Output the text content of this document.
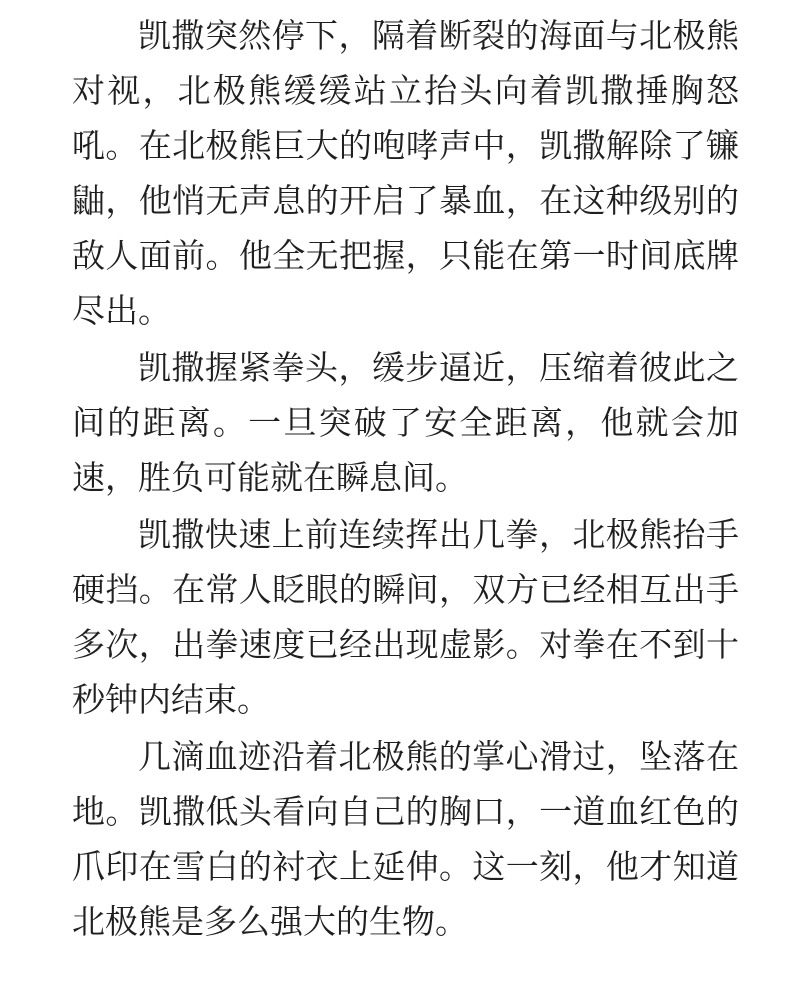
凯撒突然停下，隔着断裂的海面与北极熊对视，北极熊缓缓站立抬头向着凯撒捶胸怒吼。在北极熊巨大的咆哮声中，凯撒解除了镰鼬，他悄无声息的开启了暴血，在这种级别的敌人面前。他全无把握，只能在第一时间底牌尽出。

凯撒握紧拳头，缓步逼近，压缩着彼此之间的距离。一旦突破了安全距离，他就会加速，胜负可能就在瞬息间。

凯撒快速上前连续挥出几拳，北极熊抬手硬挡。在常人眨眼的瞬间，双方已经相互出手多次，出拳速度已经出现虚影。对拳在不到十秒钟内结束。

几滴血迹沿着北极熊的掌心滑过，坠落在地。凯撒低头看向自己的胸口，一道血红色的爪印在雪白的衬衣上延伸。这一刻，他才知道北极熊是多么强大的生物。
